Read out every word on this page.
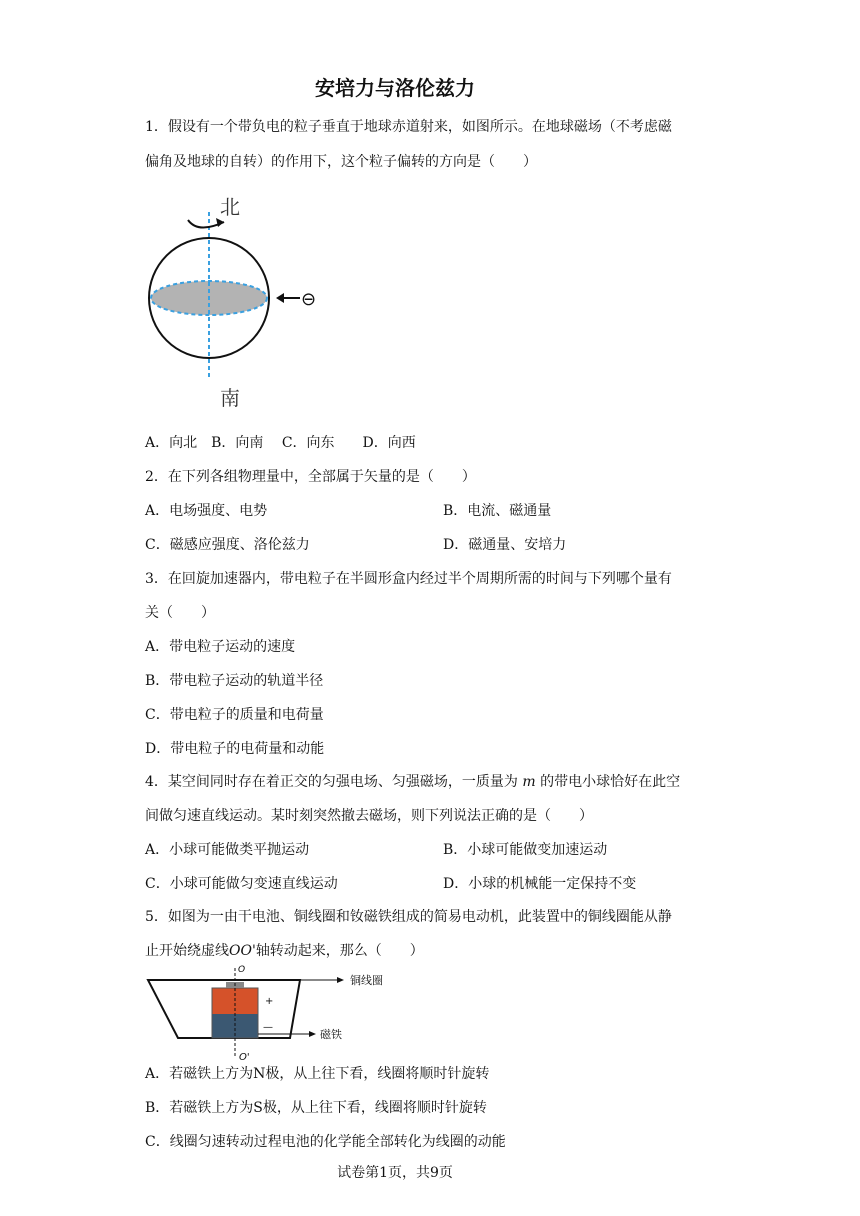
安培力与洛伦兹力
1．假设有一个带负电的粒子垂直于地球赤道射来，如图所示。在地球磁场（不考虑磁
偏角及地球的自转）的作用下，这个粒子偏转的方向是（　　）
北
南
⊖
A．向北　B．向南　 C．向东　　D．向西
2．在下列各组物理量中，全部属于矢量的是（　　）
A．电场强度、电势	B．电流、磁通量
C．磁感应强度、洛伦兹力	D．磁通量、安培力
3．在回旋加速器内，带电粒子在半圆形盒内经过半个周期所需的时间与下列哪个量有
关（　　）
A．带电粒子运动的速度
B．带电粒子运动的轨道半径
C．带电粒子的质量和电荷量
D．带电粒子的电荷量和动能
4．某空间同时存在着正交的匀强电场、匀强磁场，一质量为 m 的带电小球恰好在此空
间做匀速直线运动。某时刻突然撤去磁场，则下列说法正确的是（　　）
A．小球可能做类平抛运动	B．小球可能做变加速运动
C．小球可能做匀变速直线运动	D．小球的机械能一定保持不变
5．如图为一由干电池、铜线圈和钕磁铁组成的简易电动机，此装置中的铜线圈能从静
止开始绕虚线OO'轴转动起来，那么（　　）
O
O'
+
—
铜线圈
磁铁
A．若磁铁上方为N极，从上往下看，线圈将顺时针旋转
B．若磁铁上方为S极，从上往下看，线圈将顺时针旋转
C．线圈匀速转动过程电池的化学能全部转化为线圈的动能
试卷第1页，共9页
